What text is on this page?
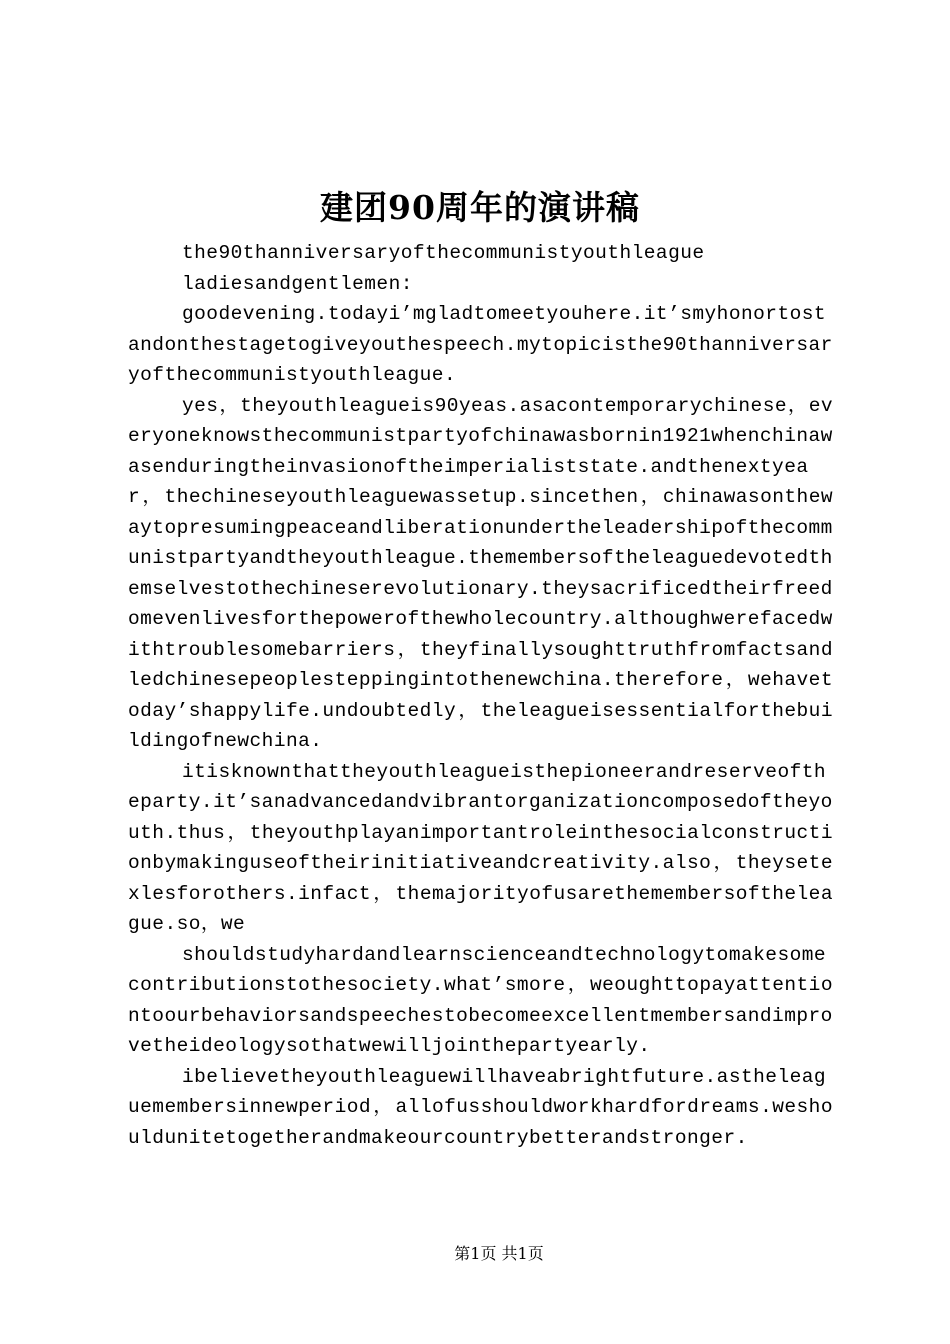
建团90周年的演讲稿

the90thanniversaryofthecommunistyouthleague

ladiesandgentlemen:

goodevening.todayi’mgladtomeetyouhere.it’smyhonortostandonthestagetogiveyouthespeech.mytopicisthe90thanniversaryofthecommunistyouthleague.

yes，theyouthleagueis90yeas.asacontemporarychinese，everyoneknowsthecommunistpartyofchinawasbornin1921whenchinawasenduringtheinvasionoftheimperialiststate.andthenextyear，thechineseyouthleaguewassetup.sincethen，chinawasonthewaytopresumingpeaceandliberationundertheleadershipofthecommunistpartyandtheyouthleague.themembersoftheleaguedevotedthemselvestothechineserevolutionary.theysacrificedtheirfreedomevenlivesforthepowerofthewholecountry.althoughwerefacedwithtroublesomebarriers，theyfinallysoughttruthfromfactsandledchinesepeoplesteppingintothenewchina.therefore，wehavetoday’shappylife.undoubtedly，theleagueisessentialforthebuildingofnewchina.

itisknownthattheyouthleagueisthepioneerandreserveoftheparty.it’sanadvancedandvibrantorganizationcomposedoftheyouth.thus，theyouthplayanimportantroleinthesocialconstructionbymakinguseoftheirinitiativeandcreativity.also，theysetexlesforothers.infact，themajorityofusarethemembersoftheleague.so，we

shouldstudyhardandlearnscienceandtechnologytomakesomecontributionstothesociety.what’smore，weoughttopayattentiontoourbehaviorsandspeechestobecomeexcellentmembersandimprovetheideologysothatwewilljointhepartyearly.

ibelievetheyouthleaguewillhaveabrightfuture.astheleaguemembersinnewperiod，allofusshouldworkhardfordreams.weshouldunitetogetherandmakeourcountrybetterandstronger.

第1页 共1页
